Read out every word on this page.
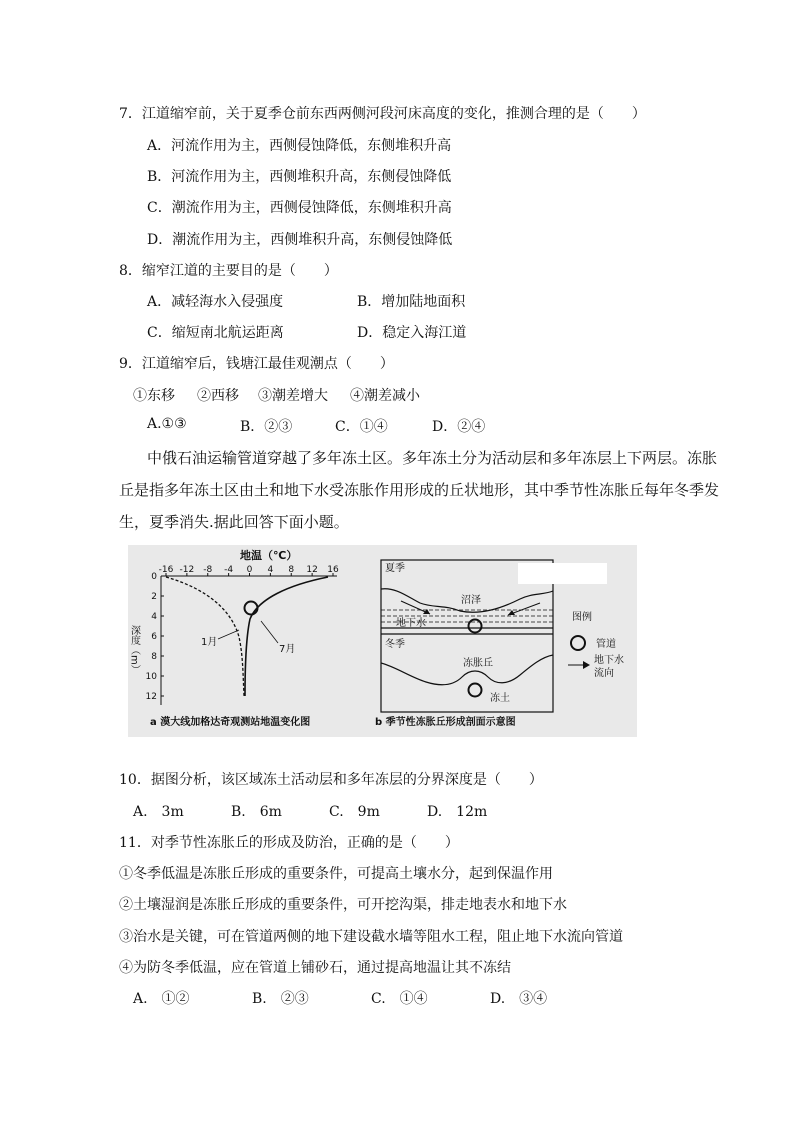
7．江道缩窄前，关于夏季仓前东西两侧河段河床高度的变化，推测合理的是（　　）
A．河流作用为主，西侧侵蚀降低，东侧堆积升高
B．河流作用为主，西侧堆积升高，东侧侵蚀降低
C．潮流作用为主，西侧侵蚀降低，东侧堆积升高
D．潮流作用为主，西侧堆积升高，东侧侵蚀降低
8．缩窄江道的主要目的是（　　）
A．减轻海水入侵强度	B．增加陆地面积
C．缩短南北航运距离	D．稳定入海江道
9．江道缩窄后，钱塘江最佳观潮点（　　）
①东移 ②西移 ③潮差增大 ④潮差减小
A.①③	B．②③	C．①④	D．②④
中俄石油运输管道穿越了多年冻土区。多年冻土分为活动层和多年冻层上下两层。冻胀
丘是指多年冻土区由土和地下水受冻胀作用形成的丘状地形，其中季节性冻胀丘每年冬季发
生，夏季消失.据此回答下面小题。
地温（℃）
-16 -12 -8 -4 0 4 8 12 16
0
2
4
6
8
10
12
深度（m）	1月
7月
a 漠大线加格达奇观测站地温变化图
夏季
沼泽
地下水
冬季
冻胀丘
冻土
b 季节性冻胀丘形成剖面示意图
图例
管道
地下水
流向
10．据图分析，该区域冻土活动层和多年冻层的分界深度是（　　）
A.　3m	B.　6m	C.　9m	D.　12m
11．对季节性冻胀丘的形成及防治，正确的是（　　）
①冬季低温是冻胀丘形成的重要条件，可提高土壤水分，起到保温作用
②土壤湿润是冻胀丘形成的重要条件，可开挖沟渠，排走地表水和地下水
③治水是关键，可在管道两侧的地下建设截水墙等阻水工程，阻止地下水流向管道
④为防冬季低温，应在管道上铺砂石，通过提高地温让其不冻结
A.　①②	B.　②③	C.　①④	D.　③④
